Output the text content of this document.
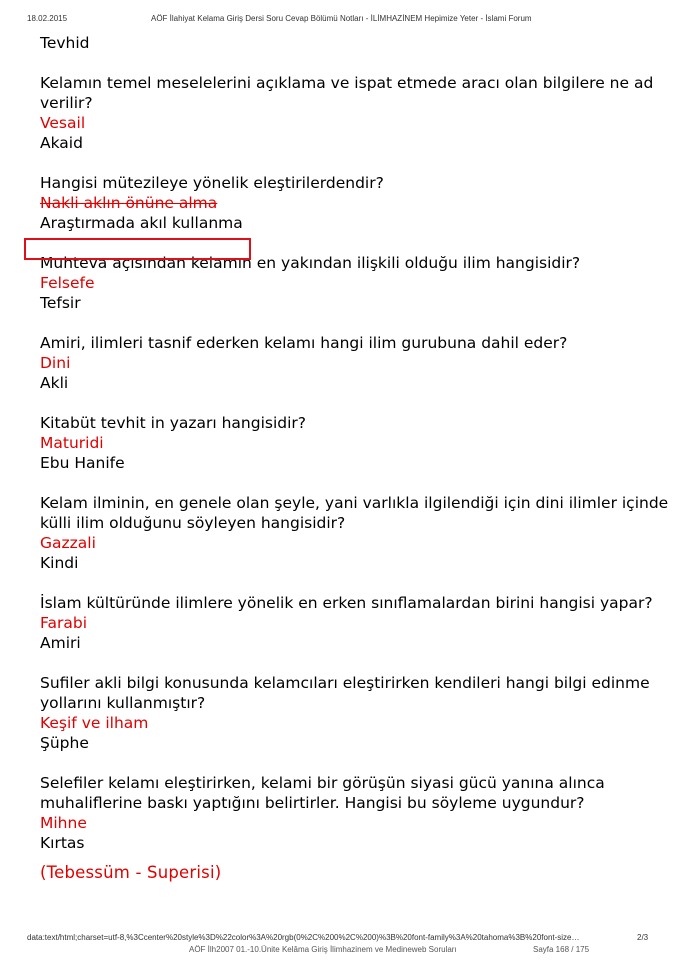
18.02.2015	AÖF İlahiyat Kelama Giriş Dersi Soru Cevap Bölümü Notları - İLİMHAZİNEM Hepimize Yeter - İslami Forum
Tevhid
Kelamın temel meselelerini açıklama ve ispat etmede aracı olan bilgilere ne ad
verilir?
Vesail
Akaid
Hangisi mütezileye yönelik eleştirilerdendir?
Nakli aklın önüne alma
Araştırmada akıl kullanma
Muhteva açısından kelamın en yakından ilişkili olduğu ilim hangisidir?
Felsefe
Tefsir
Amiri, ilimleri tasnif ederken kelamı hangi ilim gurubuna dahil eder?
Dini
Akli
Kitabüt tevhit in yazarı hangisidir?
Maturidi
Ebu Hanife
Kelam ilminin, en genele olan şeyle, yani varlıkla ilgilendiği için dini ilimler içinde
külli ilim olduğunu söyleyen hangisidir?
Gazzali
Kindi
İslam kültüründe ilimlere yönelik en erken sınıflamalardan birini hangisi yapar?
Farabi
Amiri
Sufiler akli bilgi konusunda kelamcıları eleştirirken kendileri hangi bilgi edinme
yollarını kullanmıştır?
Keşif ve ilham
Şüphe
Selefiler kelamı eleştirirken, kelami bir görüşün siyasi gücü yanına alınca
muhaliflerine baskı yaptığını belirtirler. Hangisi bu söyleme uygundur?
Mihne
Kırtas
(Tebessüm - Superisi)
data:text/html;charset=utf-8,%3Ccenter%20style%3D%22color%3A%20rgb(0%2C%200%2C%200)%3B%20font-family%3A%20tahoma%3B%20font-size…	2/3
AÖF İlh2007 01.-10.Ünite Kelâma Giriş İlimhazinem ve Medineweb Soruları	Sayfa 168 / 175
